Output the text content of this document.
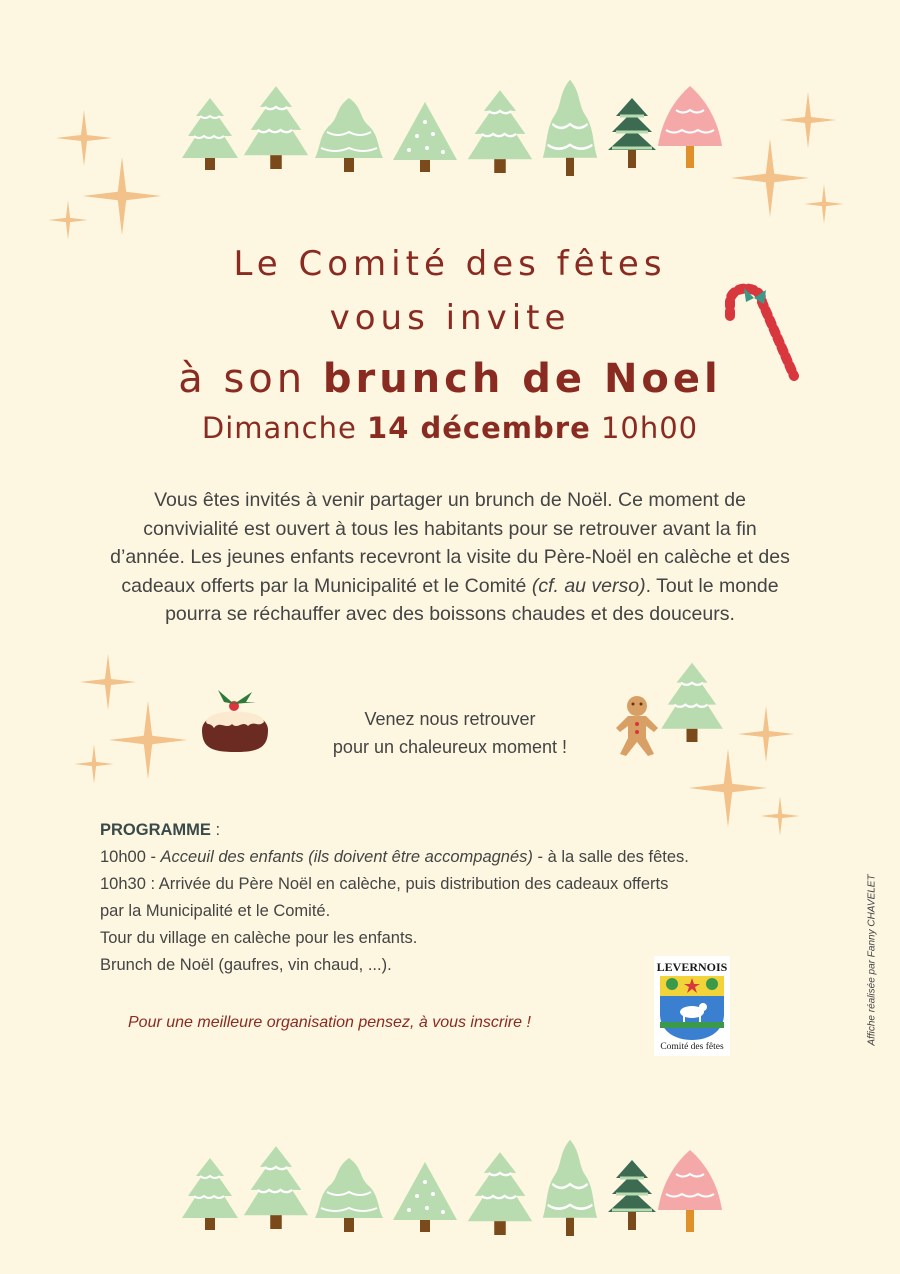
Le Comité des fêtes
vous invite
à son brunch de Noel
Dimanche 14 décembre 10h00
Vous êtes invités à venir partager un brunch de Noël. Ce moment de convivialité est ouvert à tous les habitants pour se retrouver avant la fin d’année. Les jeunes enfants recevront la visite du Père-Noël en calèche et des cadeaux offerts par la Municipalité et le Comité (cf. au verso). Tout le monde pourra se réchauffer avec des boissons chaudes et des douceurs.
Venez nous retrouver
pour un chaleureux moment !
PROGRAMME :
10h00 - Acceuil des enfants (ils doivent être accompagnés) - à la salle des fêtes.
10h30 : Arrivée du Père Noël en calèche, puis distribution des cadeaux offerts
par la Municipalité et le Comité.
Tour du village en calèche pour les enfants.
Brunch de Noël (gaufres, vin chaud, ...).
Pour une meilleure organisation pensez, à vous inscrire !
LEVERNOIS
Comité des fêtes
Affiche réalisée par Fanny CHAVELET
